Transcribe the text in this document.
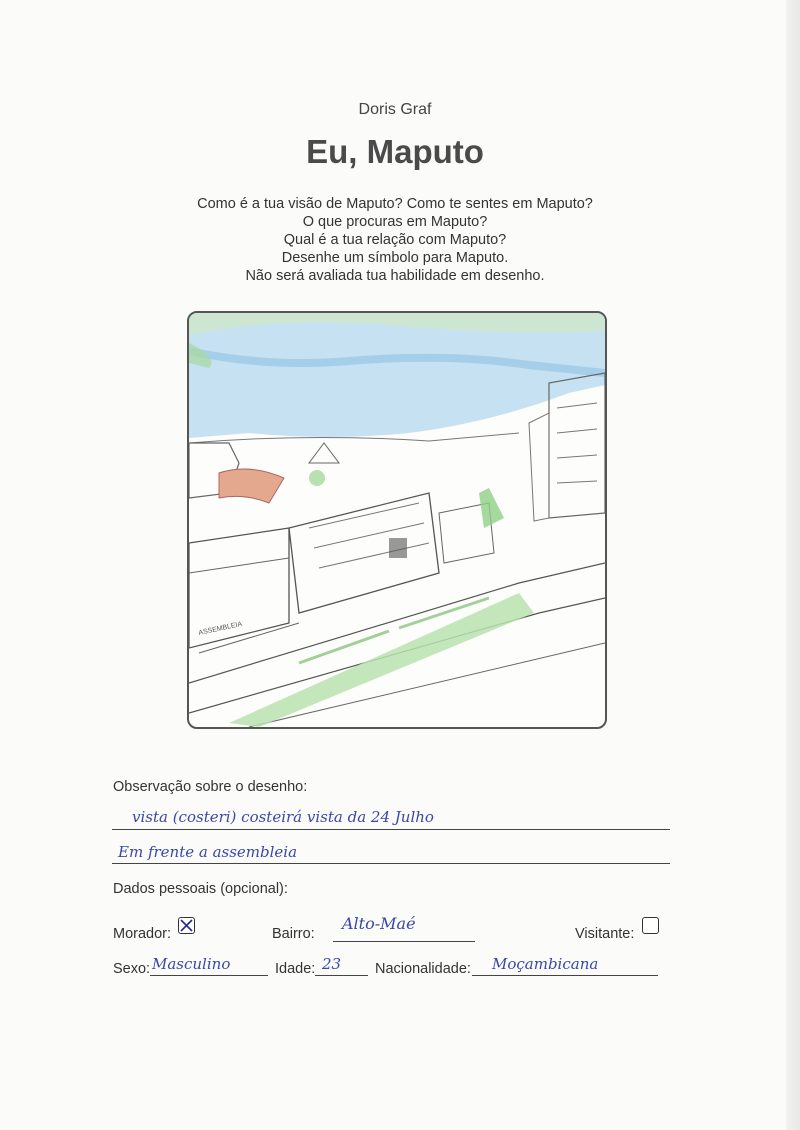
Doris Graf
Eu, Maputo
Como é a tua visão de Maputo? Como te sentes em Maputo?
O que procuras em Maputo?
Qual é a tua relação com Maputo?
Desenhe um símbolo para Maputo.
Não será avaliada tua habilidade em desenho.
ASSEMBLEIA
Observação sobre o desenho:
vista (costeri) costeirá vista da 24 Julho
Em frente a assembleia
Dados pessoais (opcional):
Morador:	Bairro:
Alto-Maé
Visitante:
Sexo: Masculino	Idade: 23 Nacionalidade: Moçambicana
